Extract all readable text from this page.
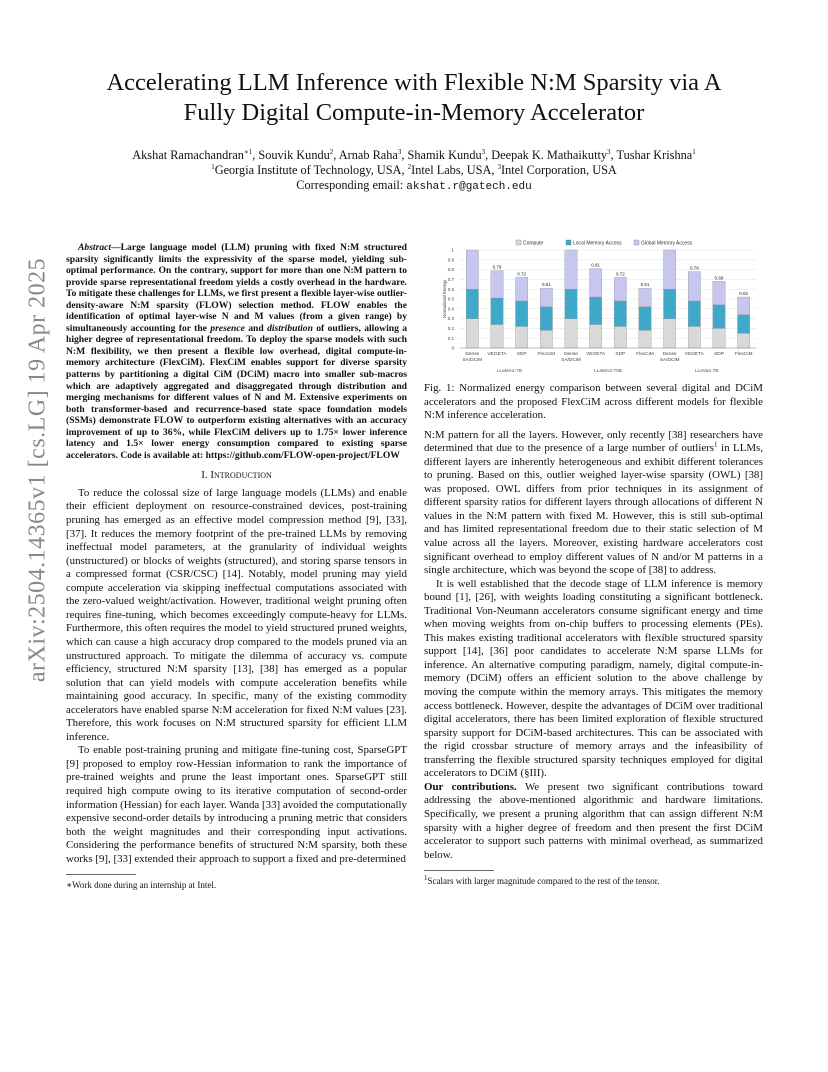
arXiv:2504.14365v1 [cs.LG] 19 Apr 2025
Accelerating LLM Inference with Flexible N:M Sparsity via A
Fully Digital Compute-in-Memory Accelerator
Akshat Ramachandran$^{∗1}$, Souvik Kundu$^2$, Arnab Raha$^3$, Shamik Kundu$^3$, Deepak K. Mathaikutty$^3$, Tushar Krishna$^1$
$^1$Georgia Institute of Technology, USA, $^2$Intel Labs, USA, $^3$Intel Corporation, USA
Corresponding email: akshat.r@gatech.edu

Abstract—Large language model (LLM) pruning with fixed N:M structured sparsity significantly limits the expressivity of the sparse model, yielding sub-optimal performance. On the contrary, support for more than one N:M pattern to provide sparse representational freedom yields a costly overhead in the hardware. To mitigate these challenges for LLMs, we first present a flexible layer-wise outlier-density-aware N:M sparsity (FLOW) selection method. FLOW enables the identification of optimal layer-wise N and M values (from a given range) by simultaneously accounting for the presence and distribution of outliers, allowing a higher degree of representational freedom. To deploy the sparse models with such N:M flexibility, we then present a flexible low overhead, digital compute-in-memory architecture (FlexCiM). FlexCiM enables support for diverse sparsity patterns by partitioning a digital CiM (DCiM) macro into smaller sub-macros which are adaptively aggregated and disaggregated through distribution and merging mechanisms for different values of N and M. Extensive experiments on both transformer-based and recurrence-based state space foundation models (SSMs) demonstrate FLOW to outperform existing alternatives with an accuracy improvement of up to 36%, while FlexCiM delivers up to 1.75× lower inference latency and 1.5× lower energy consumption compared to existing sparse accelerators. Code is available at: https://github.com/FLOW-open-project/FLOW

I. Introduction

To reduce the colossal size of large language models (LLMs) and enable their efficient deployment on resource-constrained devices, post-training pruning has emerged as an effective model compression method [9], [33], [37]. It reduces the memory footprint of the pre-trained LLMs by removing ineffectual model parameters, at the granularity of individual weights (unstructured) or blocks of weights (structured), and storing sparse tensors in a compressed format (CSR/CSC) [14]. Notably, model pruning may yield compute acceleration via skipping ineffectual computations associated with the zero-valued weight/activation. However, traditional weight pruning often requires fine-tuning, which becomes exceedingly compute-heavy for LLMs. Furthermore, this often requires the model to yield structured pruned weights, which can cause a high accuracy drop compared to the models pruned via an unstructured approach. To mitigate the dilemma of accuracy vs. compute efficiency, structured N:M sparsity [13], [38] has emerged as a popular solution that can yield models with compute acceleration benefits while maintaining good accuracy. In specific, many of the existing commodity accelerators have enabled sparse N:M acceleration for fixed N:M values [23]. Therefore, this work focuses on N:M structured sparsity for efficient LLM inference.

To enable post-training pruning and mitigate fine-tuning cost, SparseGPT [9] proposed to employ row-Hessian information to rank the importance of pre-trained weights and prune the least important ones. SparseGPT still required high compute owing to its iterative computation of second-order information (Hessian) for each layer. Wanda [33] avoided the computationally expensive second-order details by introducing a pruning metric that considers both the weight magnitudes and their corresponding input activations. Considering the performance benefits of structured N:M sparsity, both these works [9], [33] extended their approach to support a fixed and pre-determined

∗Work done during an internship at Intel.

0
0.1
0.2
0.3
0.4
0.5
0.6
0.7
0.8
0.9
1
Normalized Energy
Compute	Local Memory Access	Global Memory Access
Dense
SA/DCiM
0.79
VEGETA
0.72
SDP
0.61
FlexCiM Dense
SA/DCiM
0.81
VEGETA
0.72
SDP
0.61
FlexCiM Dense
SA/DCiM
0.78
VEGETA
0.68
SDP
0.52
FlexCiM
LLaMA2-7B	LLaMA3-70B	LLaVa2-7B

Fig. 1: Normalized energy comparison between several digital and DCiM accelerators and the proposed FlexCiM across different models for flexible N:M inference acceleration.

N:M pattern for all the layers. However, only recently [38] researchers have determined that due to the presence of a large number of outliers$^1$ in LLMs, different layers are inherently heterogeneous and exhibit different tolerances to pruning. Based on this, outlier weighed layer-wise sparsity (OWL) [38] was proposed. OWL differs from prior techniques in its assignment of different sparsity ratios for different layers through allocations of different N values in the N:M pattern with fixed M. However, this is still sub-optimal and has limited representational freedom due to their static selection of M value across all the layers. Moreover, existing hardware accelerators cost significant overhead to employ different values of N and/or M patterns in a single architecture, which was beyond the scope of [38] to address.

It is well established that the decode stage of LLM inference is memory bound [1], [26], with weights loading constituting a significant bottleneck. Traditional Von-Neumann accelerators consume significant energy and time when moving weights from on-chip buffers to processing elements (PEs). This makes existing traditional accelerators with flexible structured sparsity support [14], [36] poor candidates to accelerate N:M sparse LLMs for inference. An alternative computing paradigm, namely, digital compute-in-memory (DCiM) offers an efficient solution to the above challenge by moving the compute within the memory arrays. This mitigates the memory access bottleneck. However, despite the advantages of DCiM over traditional digital accelerators, there has been limited exploration of flexible structured sparsity support for DCiM-based architectures. This can be associated with the rigid crossbar structure of memory arrays and the infeasibility of transferring the flexible structured sparsity techniques employed for digital accelerators to DCiM (§III).

Our contributions. We present two significant contributions toward addressing the above-mentioned algorithmic and hardware limitations. Specifically, we present a pruning algorithm that can assign different N:M sparsity with a higher degree of freedom and then present the first DCiM accelerator to support such patterns with minimal overhead, as summarized below.

$^1$Scalars with larger magnitude compared to the rest of the tensor.
